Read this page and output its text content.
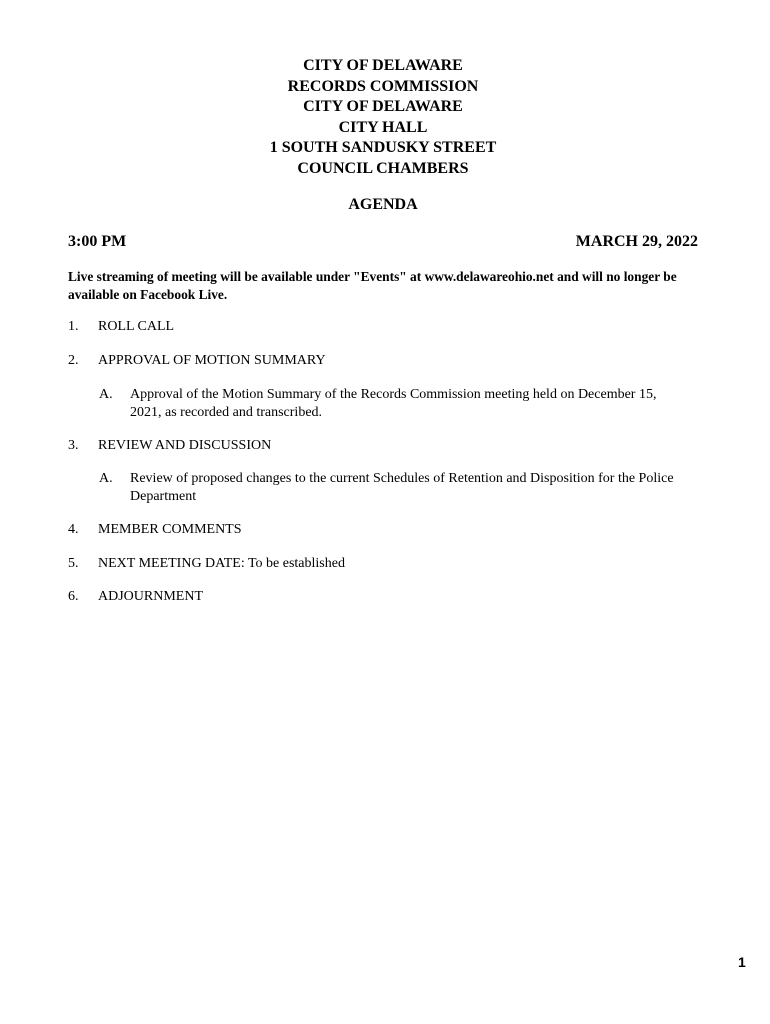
CITY OF DELAWARE
RECORDS COMMISSION
CITY OF DELAWARE
CITY HALL
1 SOUTH SANDUSKY STREET
COUNCIL CHAMBERS
AGENDA
3:00 PM	MARCH 29, 2022
Live streaming of meeting will be available under "Events" at www.delawareohio.net and will no longer be available on Facebook Live.
1. ROLL CALL
2. APPROVAL OF MOTION SUMMARY
A.	Approval of the Motion Summary of the Records Commission meeting held on December 15, 2021, as recorded and transcribed.
3. REVIEW AND DISCUSSION
A.	Review of proposed changes to the current Schedules of Retention and Disposition for the Police Department
4. MEMBER COMMENTS
5. NEXT MEETING DATE: To be established
6. ADJOURNMENT
1
